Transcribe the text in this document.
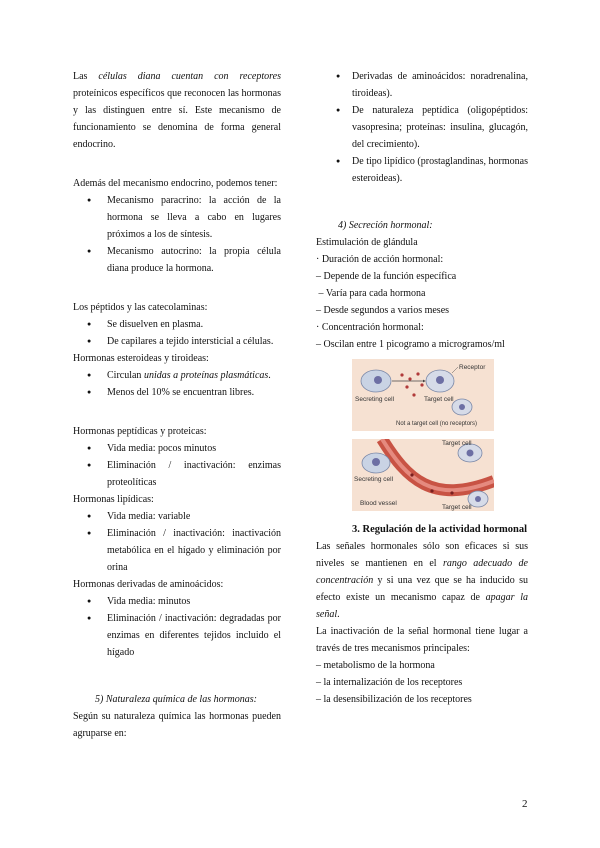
Las células diana cuentan con receptores proteínicos específicos que reconocen las hormonas y las distinguen entre sí. Este mecanismo de funcionamiento se denomina de forma general endocrino.

Además del mecanismo endocrino, podemos tener:

● Mecanismo paracrino: la acción de la hormona se lleva a cabo en lugares próximos a los de síntesis.
● Mecanismo autocrino: la propia célula diana produce la hormona.

Los péptidos y las catecolaminas:

● Se disuelven en plasma.
● De capilares a tejido intersticial a células.

Hormonas esteroideas y tiroideas:

● Circulan unidas a proteínas plasmáticas.
● Menos del 10% se encuentran libres.

Hormonas peptídicas y proteicas:

● Vida media: pocos minutos
● Eliminación / inactivación: enzimas proteolíticas

Hormonas lipídicas:

● Vida media: variable
● Eliminación / inactivación: inactivación metabólica en el hígado y eliminación por orina

Hormonas derivadas de aminoácidos:

● Vida media: minutos
● Eliminación / inactivación: degradadas por enzimas en diferentes tejidos incluido el hígado

5) Naturaleza química de las hormonas:

Según su naturaleza química las hormonas pueden agruparse en:

● Derivadas de aminoácidos: noradrenalina, tiroideas).
● De naturaleza peptídica (oligopéptidos: vasopresina; proteínas: insulina, glucagón, del crecimiento).
● De tipo lipídico (prostaglandinas, hormonas esteroideas).

4) Secreción hormonal:

Estimulación de glándula

· Duración de acción hormonal:

– Depende de la función específica

– Varía para cada hormona

– Desde segundos a varios meses

· Concentración hormonal:

– Oscilan entre 1 picogramo a microgramos/ml

Receptor
Secreting cell	Target cell
Not a target cell (no receptors)
Target cell
Secreting cell
Blood vessel
Target cell

3. Regulación de la actividad hormonal

Las señales hormonales sólo son eficaces si sus niveles se mantienen en el rango adecuado de concentración y si una vez que se ha inducido su efecto existe un mecanismo capaz de apagar la señal.

La inactivación de la señal hormonal tiene lugar a través de tres mecanismos principales:

– metabolismo de la hormona

– la internalización de los receptores

– la desensibilización de los receptores

2
